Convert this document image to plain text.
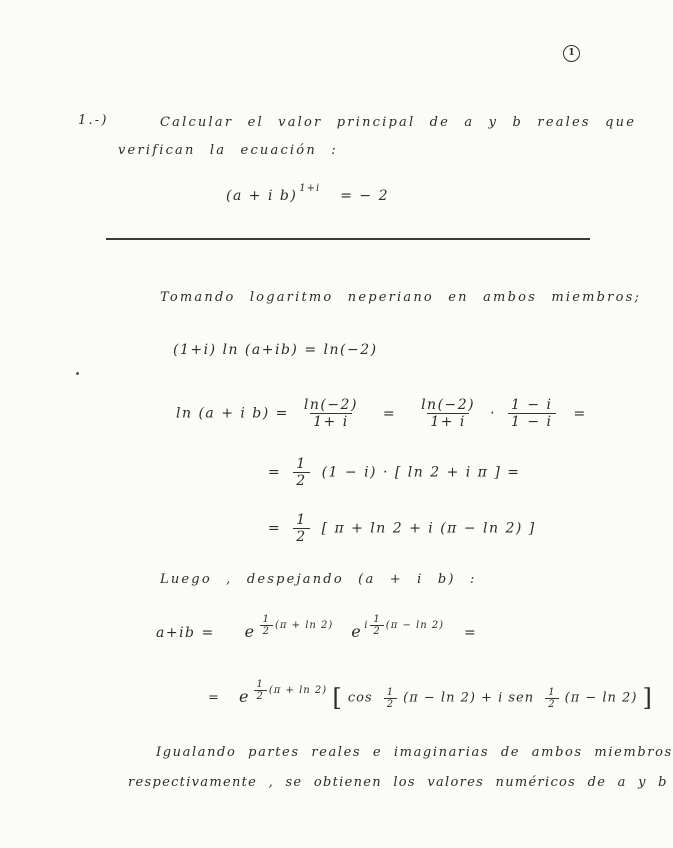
1
1.-)	Calcular el valor principal de a y b reales que
verifican la ecuación :
(a + i b) $^{1+i}$ = − 2
Tomando logaritmo neperiano en ambos miembros;
(1+i) ln (a+ib) = ln(−2)
ln (a + i $b) = \frac{\ln(-2)}{1+ i} = \frac{\ln(-2)}{1+ i} \cdot \frac{1 - i}{1 - i}$ =
= $\frac{1}{2} (1 - i)$ · [ ln 2 + i π ] =
= $\frac{1}{2}$ [ π + ln 2 + i (π − ln 2) ]
Luego , despejando (a + i b) :
a+ib = e $^{\frac{1}{2} (\pi + ln 2)}$ e $^{i \frac{1}{2} (\pi - ln 2)}$ =
= e $^{\frac{1}{2} (\pi + ln 2)}$ [ $\cos \frac{1}{2} (\pi - \ln 2) + i$ sen $\frac{1}{2} (\pi - \ln 2)$ ]
Igualando partes reales e imaginarias de ambos miembros
respectivamente , se obtienen los valores numéricos de a y b
